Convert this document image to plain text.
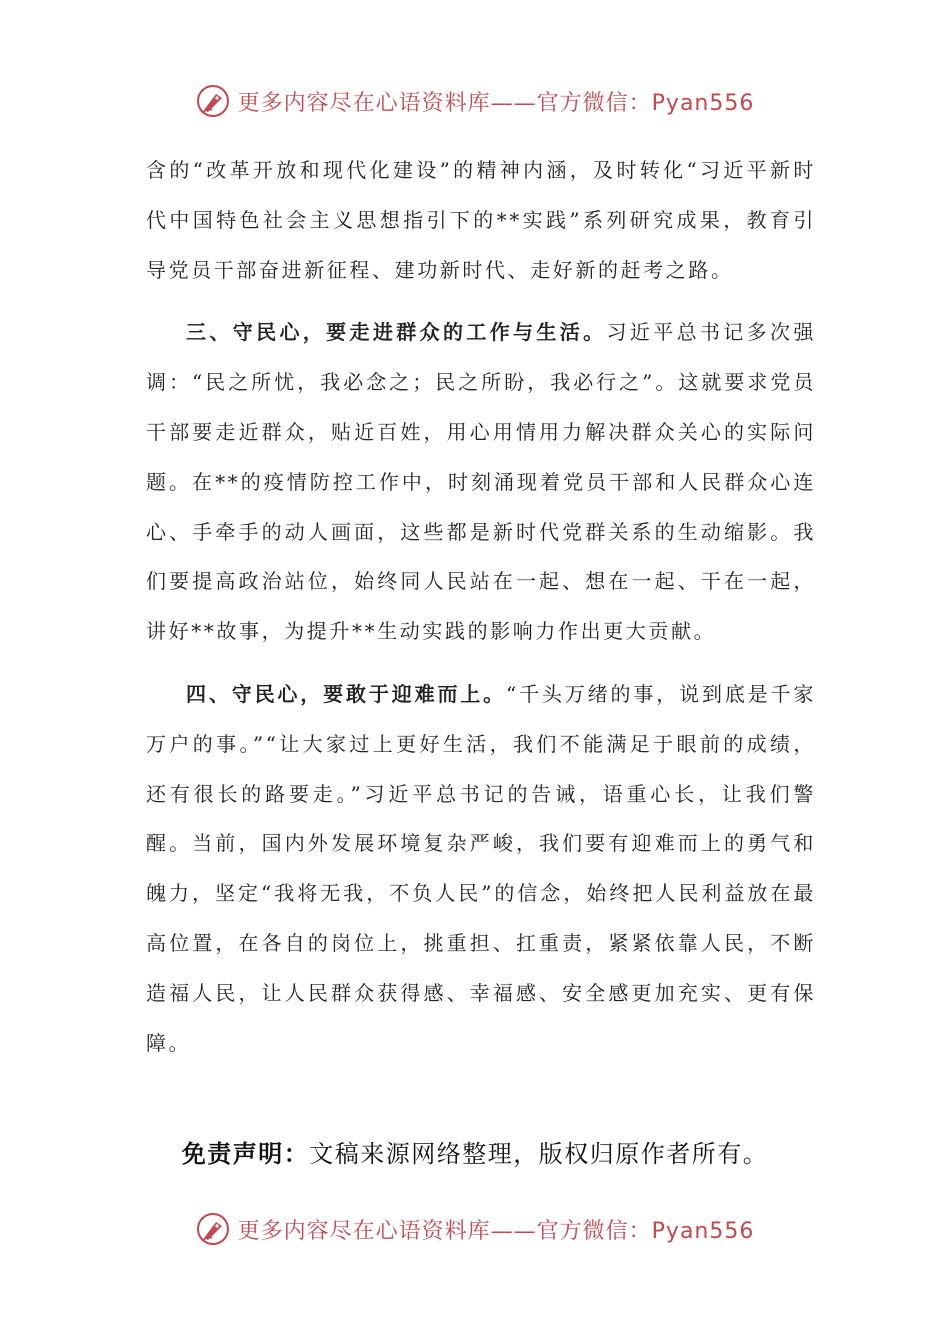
更多内容尽在心语资料库——官方微信：Pyan556

含的“改革开放和现代化建设”的精神内涵，及时转化“习近平新时代中国特色社会主义思想指引下的**实践”系列研究成果，教育引导党员干部奋进新征程、建功新时代、走好新的赶考之路。

三、守民心，要走进群众的工作与生活。习近平总书记多次强调：“民之所忧，我必念之；民之所盼，我必行之”。这就要求党员干部要走近群众，贴近百姓，用心用情用力解决群众关心的实际问题。在**的疫情防控工作中，时刻涌现着党员干部和人民群众心连心、手牵手的动人画面，这些都是新时代党群关系的生动缩影。我们要提高政治站位，始终同人民站在一起、想在一起、干在一起，讲好**故事，为提升**生动实践的影响力作出更大贡献。

四、守民心，要敢于迎难而上。“千头万绪的事，说到底是千家万户的事。”“让大家过上更好生活，我们不能满足于眼前的成绩，还有很长的路要走。”习近平总书记的告诫，语重心长，让我们警醒。当前，国内外发展环境复杂严峻，我们要有迎难而上的勇气和魄力，坚定“我将无我，不负人民”的信念，始终把人民利益放在最高位置，在各自的岗位上，挑重担、扛重责，紧紧依靠人民，不断造福人民，让人民群众获得感、幸福感、安全感更加充实、更有保障。

免责声明：文稿来源网络整理，版权归原作者所有。
更多内容尽在心语资料库——官方微信：Pyan556
